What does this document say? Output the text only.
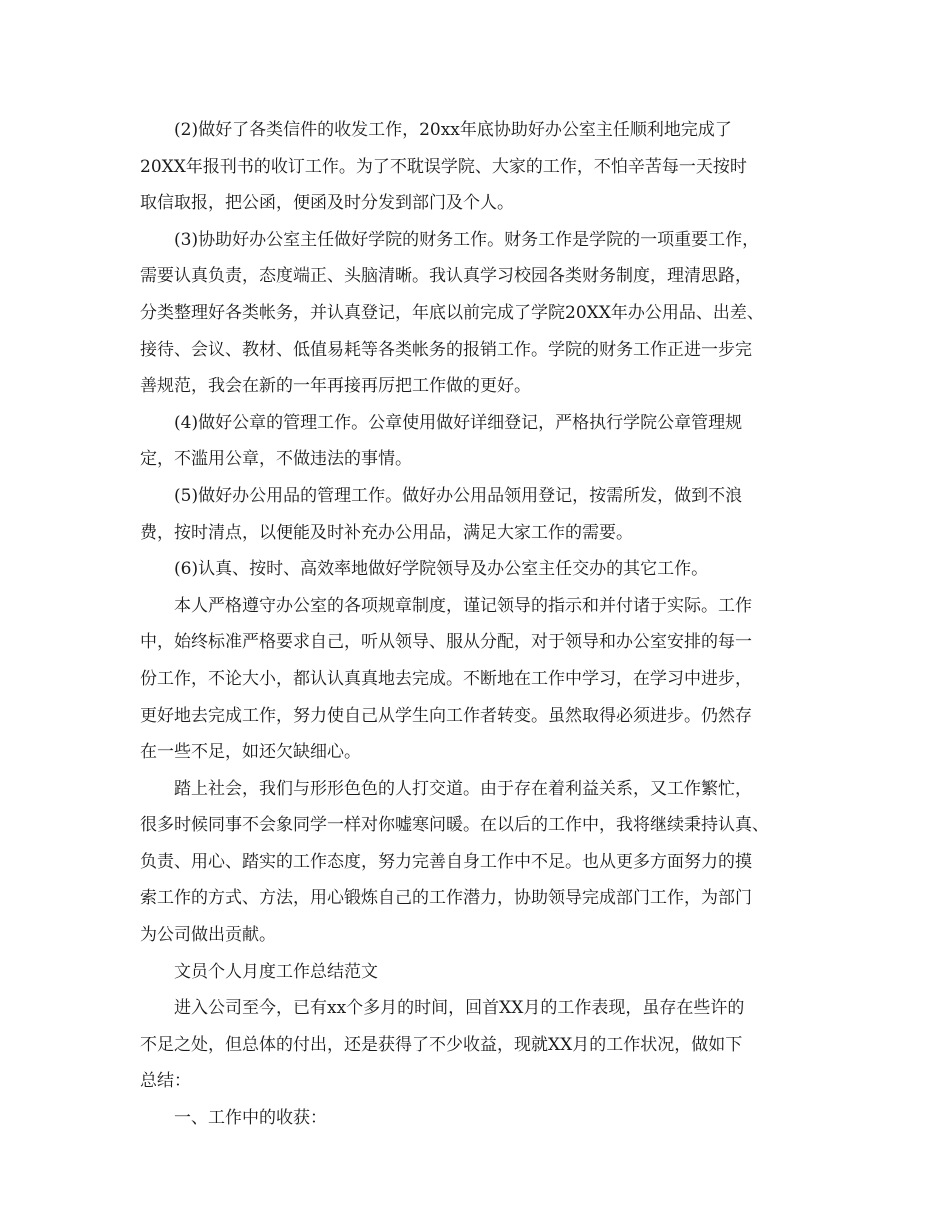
(2)做好了各类信件的收发工作，20xx年底协助好办公室主任顺利地完成了
20XX年报刊书的收订工作。为了不耽误学院、大家的工作，不怕辛苦每一天按时
取信取报，把公函，便函及时分发到部门及个人。
(3)协助好办公室主任做好学院的财务工作。财务工作是学院的一项重要工作，
需要认真负责，态度端正、头脑清晰。我认真学习校园各类财务制度，理清思路，
分类整理好各类帐务，并认真登记，年底以前完成了学院20XX年办公用品、出差、
接待、会议、教材、低值易耗等各类帐务的报销工作。学院的财务工作正进一步完
善规范，我会在新的一年再接再厉把工作做的更好。
(4)做好公章的管理工作。公章使用做好详细登记，严格执行学院公章管理规
定，不滥用公章，不做违法的事情。
(5)做好办公用品的管理工作。做好办公用品领用登记，按需所发，做到不浪
费，按时清点，以便能及时补充办公用品，满足大家工作的需要。
(6)认真、按时、高效率地做好学院领导及办公室主任交办的其它工作。
本人严格遵守办公室的各项规章制度，谨记领导的指示和并付诸于实际。工作
中，始终标准严格要求自己，听从领导、服从分配，对于领导和办公室安排的每一
份工作，不论大小，都认认真真地去完成。不断地在工作中学习，在学习中进步，
更好地去完成工作，努力使自己从学生向工作者转变。虽然取得必须进步。仍然存
在一些不足，如还欠缺细心。
踏上社会，我们与形形色色的人打交道。由于存在着利益关系，又工作繁忙，
很多时候同事不会象同学一样对你嘘寒问暖。在以后的工作中，我将继续秉持认真、
负责、用心、踏实的工作态度，努力完善自身工作中不足。也从更多方面努力的摸
索工作的方式、方法，用心锻炼自己的工作潜力，协助领导完成部门工作，为部门
为公司做出贡献。
文员个人月度工作总结范文
进入公司至今，已有xx个多月的时间，回首XX月的工作表现，虽存在些许的
不足之处，但总体的付出，还是获得了不少收益，现就XX月的工作状况，做如下
总结：
一、工作中的收获：
